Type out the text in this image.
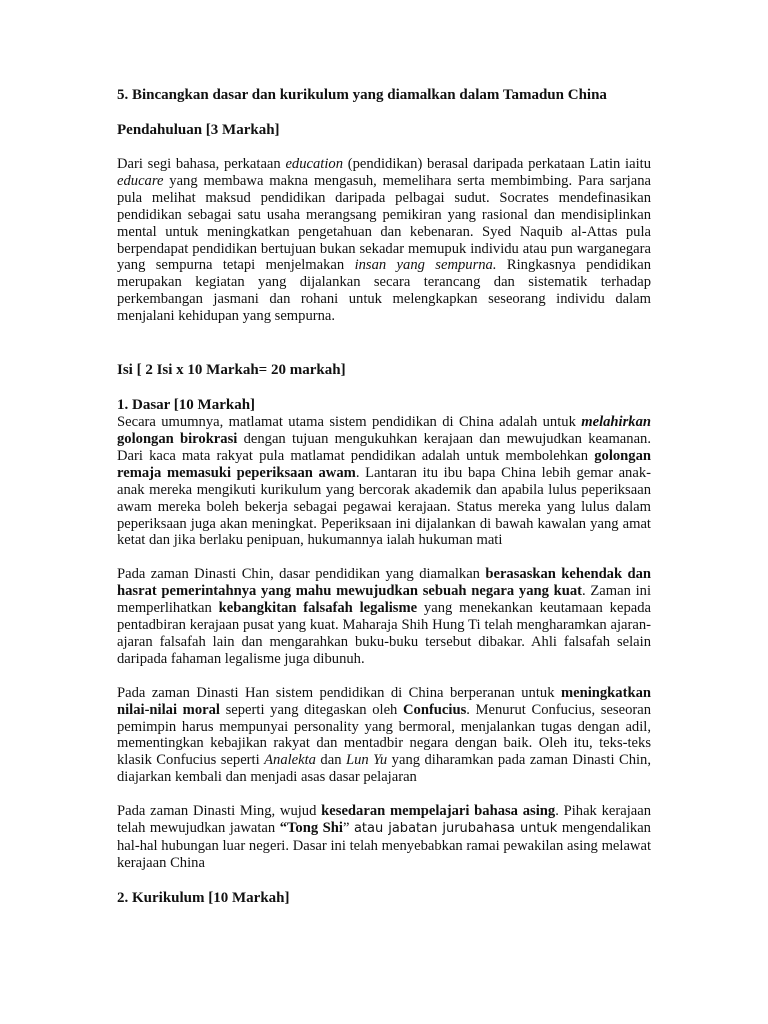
5. Bincangkan dasar dan kurikulum yang diamalkan dalam Tamadun China

Pendahuluan [3 Markah]

Dari segi bahasa, perkataan education (pendidikan) berasal daripada perkataan Latin iaitu educare yang membawa makna mengasuh, memelihara serta membimbing. Para sarjana pula melihat maksud pendidikan daripada pelbagai sudut. Socrates mendefinasikan pendidikan sebagai satu usaha merangsang pemikiran yang rasional dan mendisiplinkan mental untuk meningkatkan pengetahuan dan kebenaran. Syed Naquib al-Attas pula berpendapat pendidikan bertujuan bukan sekadar memupuk individu atau pun warganegara yang sempurna tetapi menjelmakan insan yang sempurna. Ringkasnya pendidikan merupakan kegiatan yang dijalankan secara terancang dan sistematik terhadap perkembangan jasmani dan rohani untuk melengkapkan seseorang individu dalam menjalani kehidupan yang sempurna.

Isi [ 2 Isi x 10 Markah= 20 markah]

1. Dasar [10 Markah]

Secara umumnya, matlamat utama sistem pendidikan di China adalah untuk melahirkan golongan birokrasi dengan tujuan mengukuhkan kerajaan dan mewujudkan keamanan. Dari kaca mata rakyat pula matlamat pendidikan adalah untuk membolehkan golongan remaja memasuki peperiksaan awam. Lantaran itu ibu bapa China lebih gemar anak-anak mereka mengikuti kurikulum yang bercorak akademik dan apabila lulus peperiksaan awam mereka boleh bekerja sebagai pegawai kerajaan. Status mereka yang lulus dalam peperiksaan juga akan meningkat. Peperiksaan ini dijalankan di bawah kawalan yang amat ketat dan jika berlaku penipuan, hukumannya ialah hukuman mati

Pada zaman Dinasti Chin, dasar pendidikan yang diamalkan berasaskan kehendak dan hasrat pemerintahnya yang mahu mewujudkan sebuah negara yang kuat. Zaman ini memperlihatkan kebangkitan falsafah legalisme yang menekankan keutamaan kepada pentadbiran kerajaan pusat yang kuat. Maharaja Shih Hung Ti telah mengharamkan ajaran-ajaran falsafah lain dan mengarahkan buku-buku tersebut dibakar. Ahli falsafah selain daripada fahaman legalisme juga dibunuh.

Pada zaman Dinasti Han sistem pendidikan di China berperanan untuk meningkatkan nilai-nilai moral seperti yang ditegaskan oleh Confucius. Menurut Confucius, seseoran pemimpin harus mempunyai personality yang bermoral, menjalankan tugas dengan adil, mementingkan kebajikan rakyat dan mentadbir negara dengan baik. Oleh itu, teks-teks klasik Confucius seperti Analekta dan Lun Yu yang diharamkan pada zaman Dinasti Chin, diajarkan kembali dan menjadi asas dasar pelajaran

Pada zaman Dinasti Ming, wujud kesedaran mempelajari bahasa asing. Pihak kerajaan telah mewujudkan jawatan “Tong Shi” atau jabatan jurubahasa untuk mengendalikan hal-hal hubungan luar negeri. Dasar ini telah menyebabkan ramai pewakilan asing melawat kerajaan China

2. Kurikulum [10 Markah]
